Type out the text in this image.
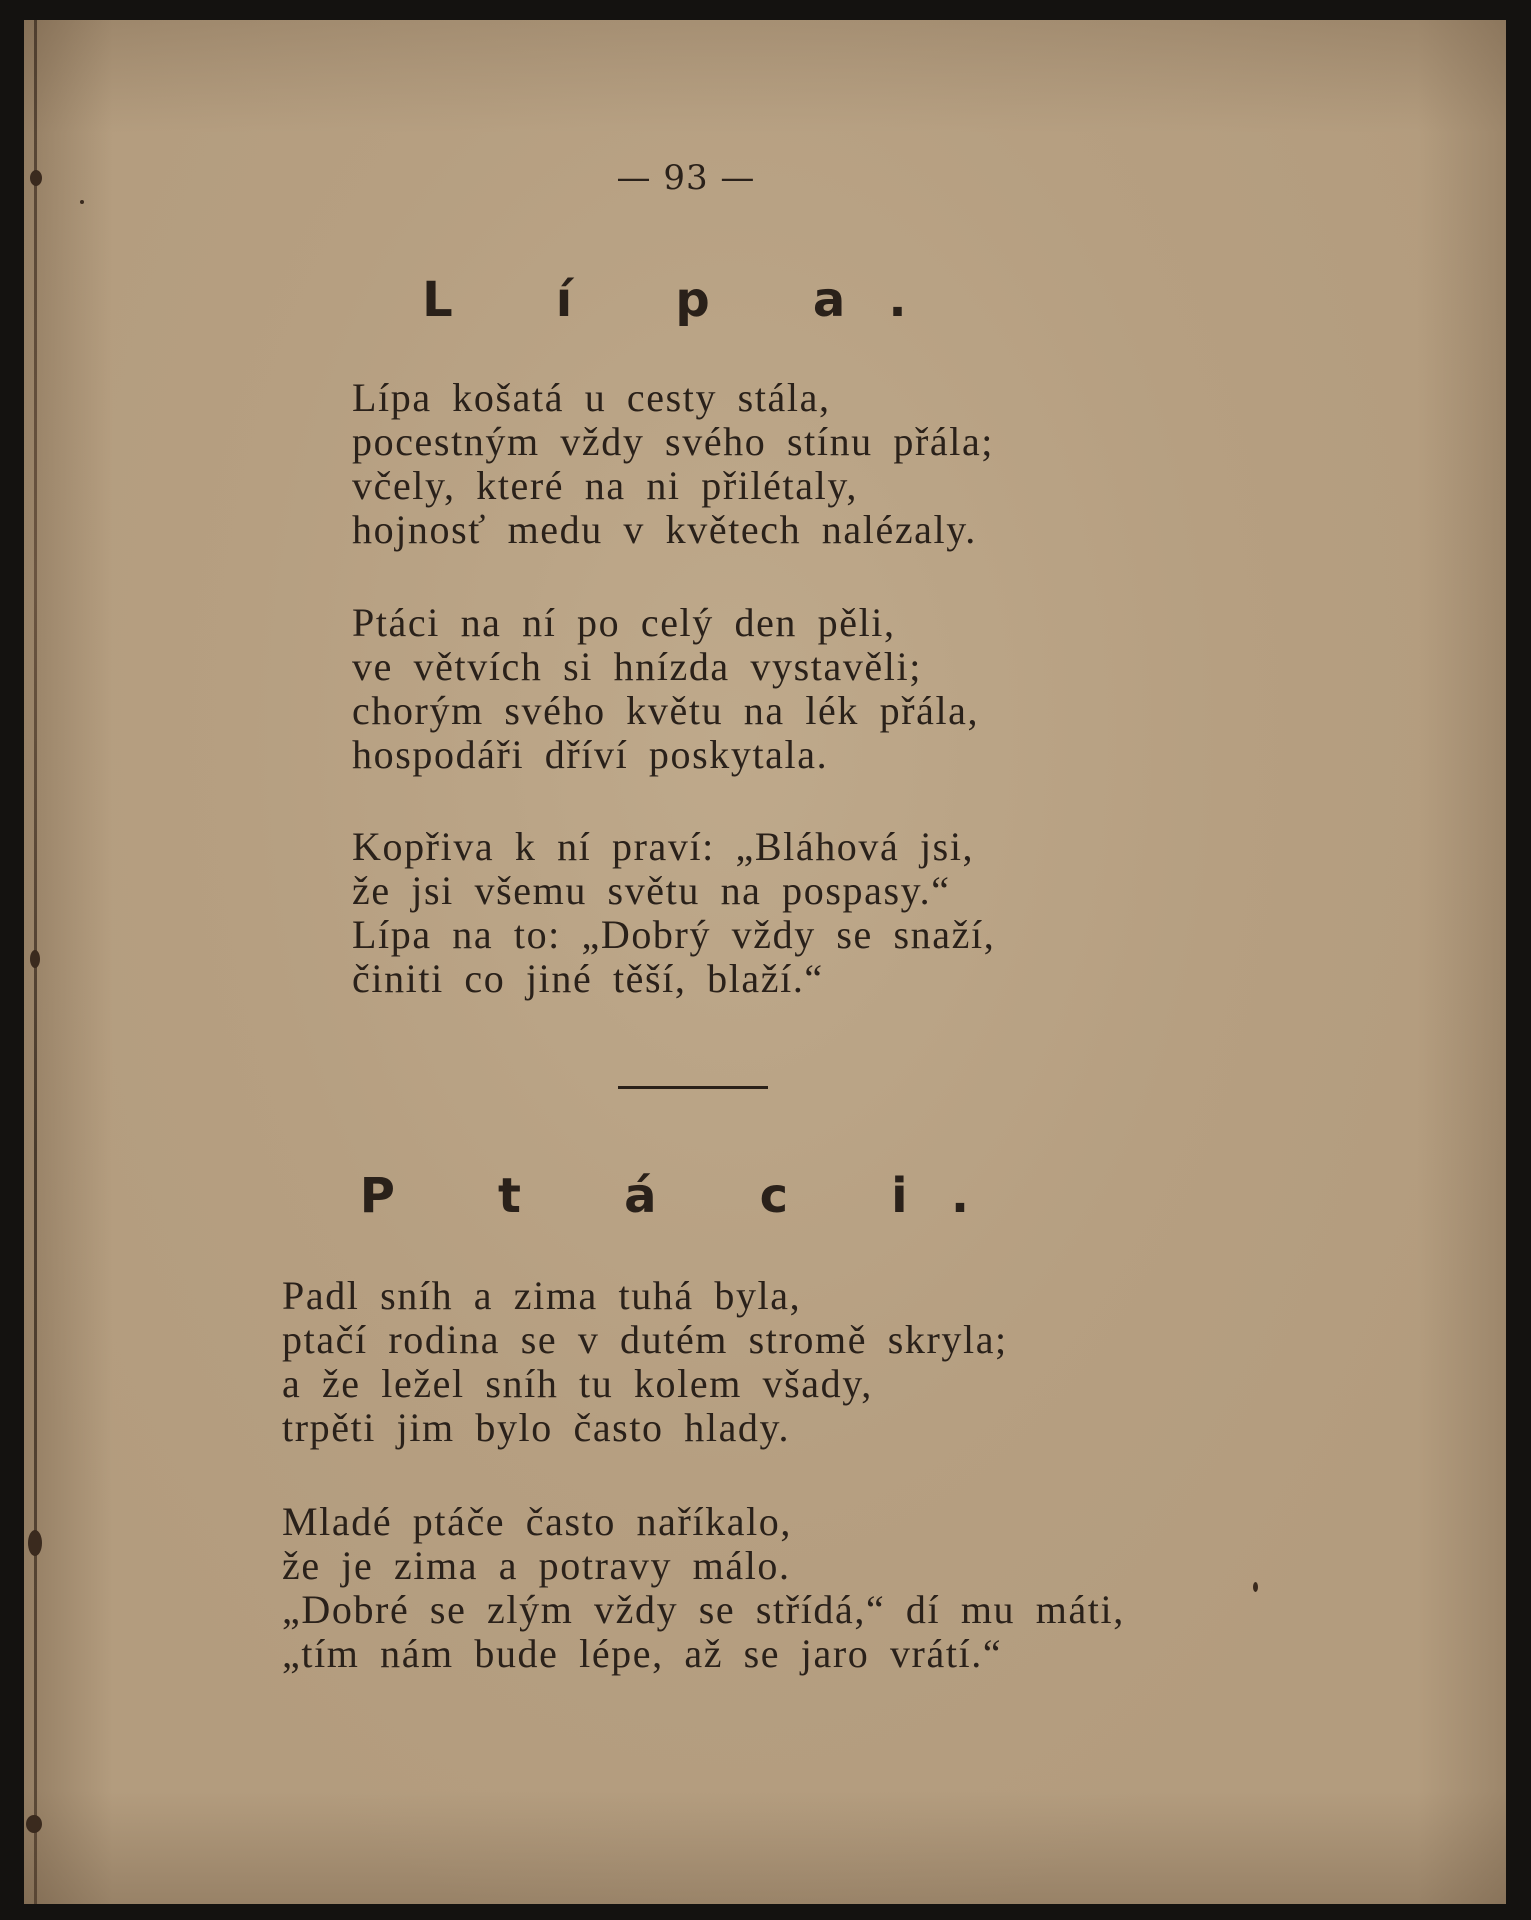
— 93 —
L í p a.
Lípa košatá u cesty stála,
pocestným vždy svého stínu přála;
včely, které na ni přilétaly,
hojnosť medu v květech nalézaly.
Ptáci na ní po celý den pěli,
ve větvích si hnízda vystavěli;
chorým svého květu na lék přála,
hospodáři dříví poskytala.
Kopřiva k ní praví: „Bláhová jsi,
že jsi všemu světu na pospasy.“
Lípa na to: „Dobrý vždy se snaží,
činiti co jiné těší, blaží.“
P t á c i.
Padl sníh a zima tuhá byla,
ptačí rodina se v dutém stromě skryla;
a že ležel sníh tu kolem všady,
trpěti jim bylo často hlady.
Mladé ptáče často naříkalo,
že je zima a potravy málo.
„Dobré se zlým vždy se střídá,“ dí mu máti,
„tím nám bude lépe, až se jaro vrátí.“
